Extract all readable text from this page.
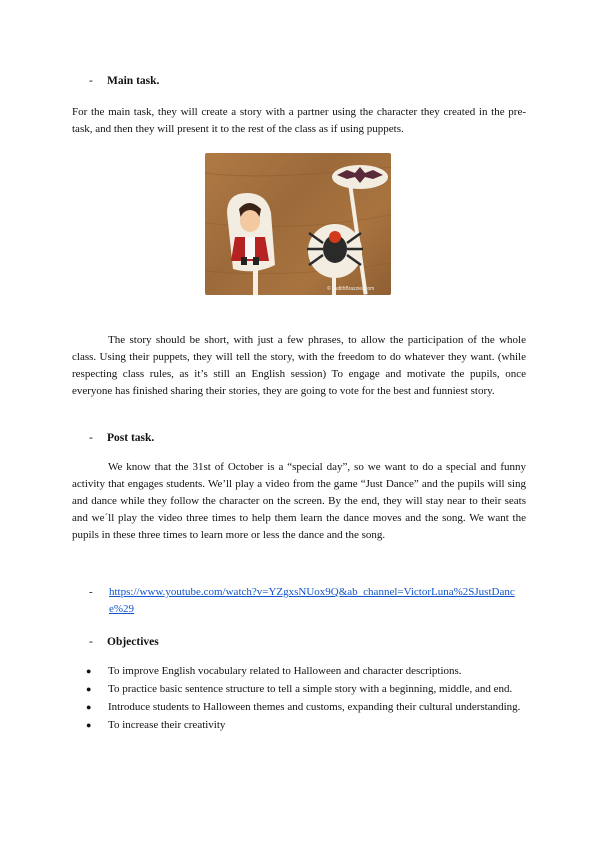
- Main task.

For the main task, they will create a story with a partner using the character they created in the pre-task, and then they will present it to the rest of the class as if using puppets.

© JudithBrazzier.com

The story should be short, with just a few phrases, to allow the participation of the whole class. Using their puppets, they will tell the story, with the freedom to do whatever they want. (while respecting class rules, as it’s still an English session) To engage and motivate the pupils, once everyone has finished sharing their stories, they are going to vote for the best and funniest story.

- Post task.

We know that the 31st of October is a “special day”, so we want to do a special and funny activity that engages students. We’ll play a video from the game “Just Dance” and the pupils will sing and dance while they follow the character on the screen. By the end, they will stay near to their seats and we´ll play the video three times to help them learn the dance moves and the song. We want the pupils in these three times to learn more or less the dance and the song.

- https://www.youtube.com/watch?v=YZgxsNUox9Q&ab_channel=VictorLuna%2SJustDance%29
- Objectives
● To improve English vocabulary related to Halloween and character descriptions.
● To practice basic sentence structure to tell a simple story with a beginning, middle, and end.
● Introduce students to Halloween themes and customs, expanding their cultural understanding.
● To increase their creativity
